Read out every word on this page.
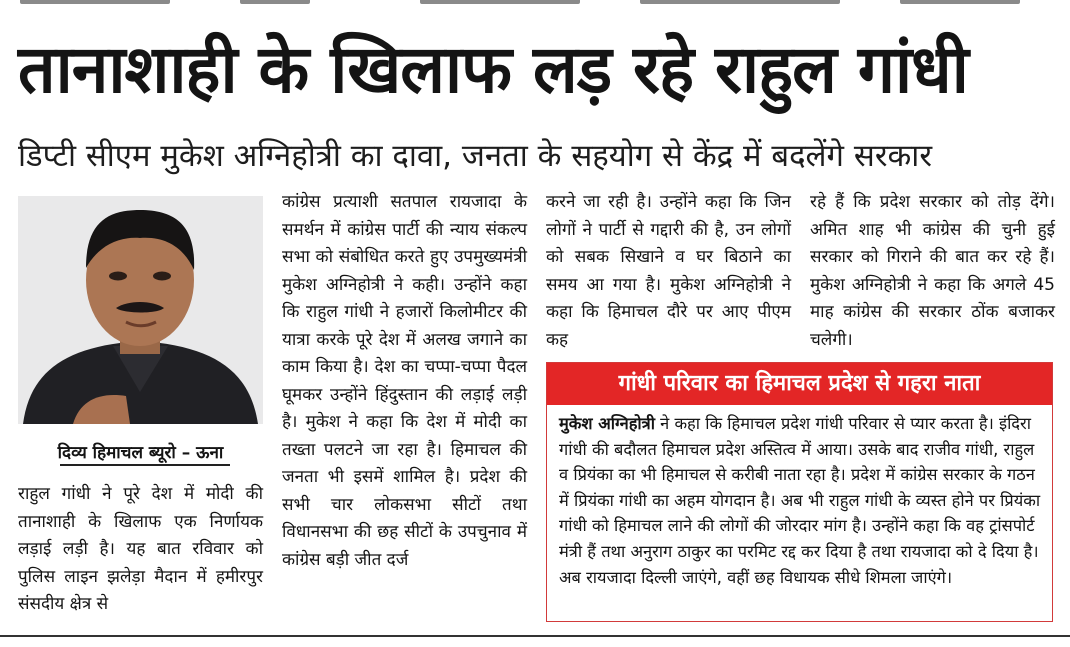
तानाशाही के खिलाफ लड़ रहे राहुल गांधी
डिप्टी सीएम मुकेश अग्निहोत्री का दावा, जनता के सहयोग से केंद्र में बदलेंगे सरकार
दिव्य हिमाचल ब्यूरो – ऊना
राहुल गांधी ने पूरे देश में मोदी की तानाशाही के खिलाफ एक निर्णायक लड़ाई लड़ी है। यह बात रविवार को पुलिस लाइन झलेड़ा मैदान में हमीरपुर संसदीय क्षेत्र से
कांग्रेस प्रत्याशी सतपाल रायजादा के समर्थन में कांग्रेस पार्टी की न्याय संकल्प सभा को संबोधित करते हुए उपमुख्यमंत्री मुकेश अग्निहोत्री ने कही। उन्होंने कहा कि राहुल गांधी ने हजारों किलोमीटर की यात्रा करके पूरे देश में अलख जगाने का काम किया है। देश का चप्पा-चप्पा पैदल घूमकर उन्होंने हिंदुस्तान की लड़ाई लड़ी है। मुकेश ने कहा कि देश में मोदी का तख्ता पलटने जा रहा है। हिमाचल की जनता भी इसमें शामिल है। प्रदेश की सभी चार लोकसभा सीटों तथा विधानसभा की छह सीटों के उपचुनाव में कांग्रेस बड़ी जीत दर्ज
करने जा रही है। उन्होंने कहा कि जिन लोगों ने पार्टी से गद्दारी की है, उन लोगों को सबक सिखाने व घर बिठाने का समय आ गया है। मुकेश अग्निहोत्री ने कहा कि हिमाचल दौरे पर आए पीएम कह
रहे हैं कि प्रदेश सरकार को तोड़ देंगे। अमित शाह भी कांग्रेस की चुनी हुई सरकार को गिराने की बात कर रहे हैं। मुकेश अग्निहोत्री ने कहा कि अगले 45 माह कांग्रेस की सरकार ठोंक बजाकर चलेगी।
गांधी परिवार का हिमाचल प्रदेश से गहरा नाता
मुकेश अग्निहोत्री ने कहा कि हिमाचल प्रदेश गांधी परिवार से प्यार करता है। इंदिरा गांधी की बदौलत हिमाचल प्रदेश अस्तित्व में आया। उसके बाद राजीव गांधी, राहुल व प्रियंका का भी हिमाचल से करीबी नाता रहा है। प्रदेश में कांग्रेस सरकार के गठन में प्रियंका गांधी का अहम योगदान है। अब भी राहुल गांधी के व्यस्त होने पर प्रियंका गांधी को हिमाचल लाने की लोगों की जोरदार मांग है। उन्होंने कहा कि वह ट्रांसपोर्ट मंत्री हैं तथा अनुराग ठाकुर का परमिट रद्द कर दिया है तथा रायजादा को दे दिया है। अब रायजादा दिल्ली जाएंगे, वहीं छह विधायक सीधे शिमला जाएंगे।
